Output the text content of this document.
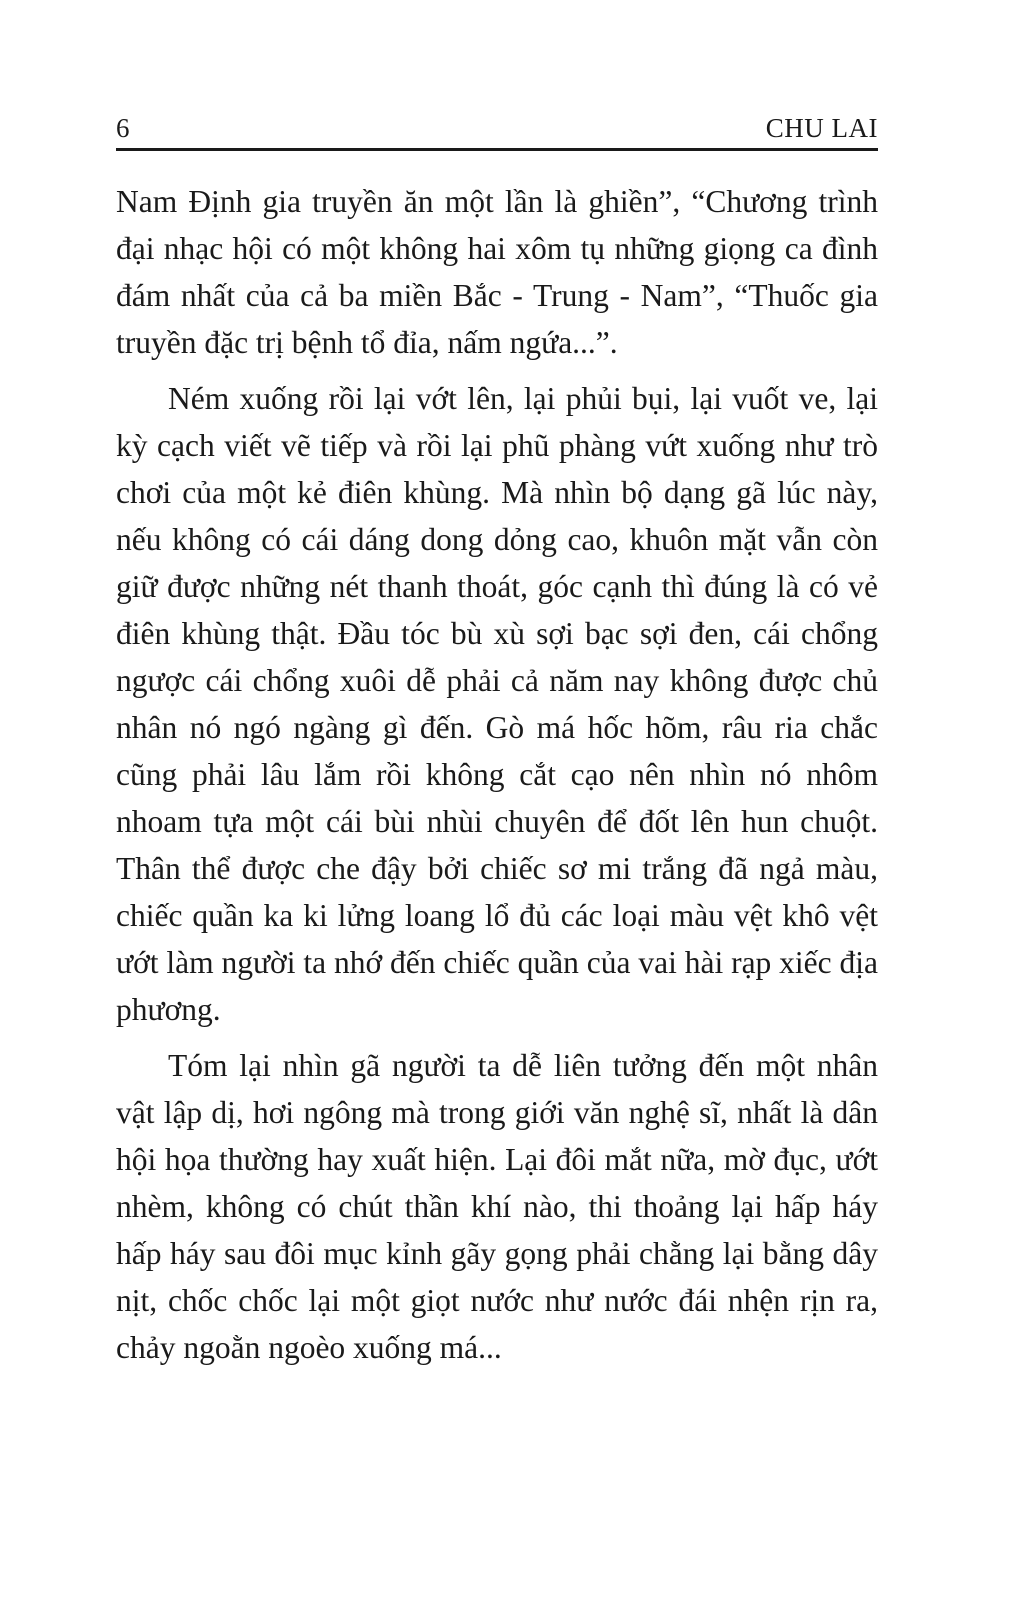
6	CHU LAI

Nam Định gia truyền ăn một lần là ghiền”, “Chương trình đại nhạc hội có một không hai xôm tụ những giọng ca đình đám nhất của cả ba miền Bắc - Trung - Nam”, “Thuốc gia truyền đặc trị bệnh tổ đỉa, nấm ngứa...”.

Ném xuống rồi lại vớt lên, lại phủi bụi, lại vuốt ve, lại kỳ cạch viết vẽ tiếp và rồi lại phũ phàng vứt xuống như trò chơi của một kẻ điên khùng. Mà nhìn bộ dạng gã lúc này, nếu không có cái dáng dong dỏng cao, khuôn mặt vẫn còn giữ được những nét thanh thoát, góc cạnh thì đúng là có vẻ điên khùng thật. Đầu tóc bù xù sợi bạc sợi đen, cái chổng ngược cái chổng xuôi dễ phải cả năm nay không được chủ nhân nó ngó ngàng gì đến. Gò má hốc hõm, râu ria chắc cũng phải lâu lắm rồi không cắt cạo nên nhìn nó nhôm nhoam tựa một cái bùi nhùi chuyên để đốt lên hun chuột. Thân thể được che đậy bởi chiếc sơ mi trắng đã ngả màu, chiếc quần ka ki lửng loang lổ đủ các loại màu vệt khô vệt ướt làm người ta nhớ đến chiếc quần của vai hài rạp xiếc địa phương.

Tóm lại nhìn gã người ta dễ liên tưởng đến một nhân vật lập dị, hơi ngông mà trong giới văn nghệ sĩ, nhất là dân hội họa thường hay xuất hiện. Lại đôi mắt nữa, mờ đục, ướt nhèm, không có chút thần khí nào, thi thoảng lại hấp háy hấp háy sau đôi mục kỉnh gãy gọng phải chằng lại bằng dây nịt, chốc chốc lại một giọt nước như nước đái nhện rịn ra, chảy ngoằn ngoèo xuống má...
